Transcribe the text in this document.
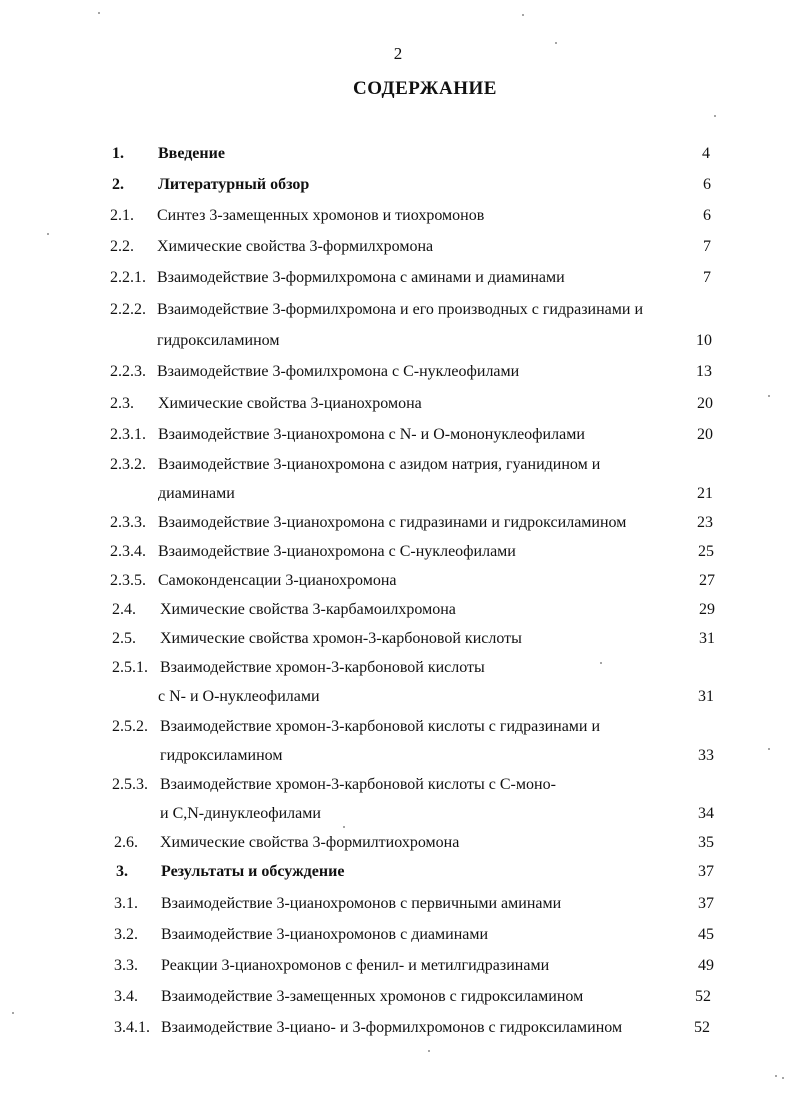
2
СОДЕРЖАНИЕ
1. Введение	4
2. Литературный обзор	6
2.1. Синтез 3-замещенных хромонов и тиохромонов	6
2.2. Химические свойства 3-формилхромона	7
2.2.1. Взаимодействие 3-формилхромона с аминами и диаминами	7
2.2.2. Взаимодействие 3-формилхромона и его производных с гидразинами и
гидроксиламином	10
2.2.3. Взаимодействие 3-фомилхромона с С-нуклеофилами	13
2.3. Химические свойства 3-цианохромона	20
2.3.1. Взаимодействие 3-цианохромона с N- и О-мононуклеофилами	20
2.3.2. Взаимодействие 3-цианохромона с азидом натрия, гуанидином и
диаминами	21
2.3.3. Взаимодействие 3-цианохромона с гидразинами и гидроксиламином	23
2.3.4. Взаимодействие 3-цианохромона с С-нуклеофилами	25
2.3.5. Самоконденсации 3-цианохромона	27
2.4. Химические свойства 3-карбамоилхромона	29
2.5. Химические свойства хромон-3-карбоновой кислоты	31
2.5.1. Взаимодействие хромон-3-карбоновой кислоты
с N- и О-нуклеофилами	31
2.5.2. Взаимодействие хромон-3-карбоновой кислоты с гидразинами и
гидроксиламином	33
2.5.3. Взаимодействие хромон-3-карбоновой кислоты с С-моно-
и С,N-динуклеофилами	34
2.6. Химические свойства 3-формилтиохромона	35
3. Результаты и обсуждение	37
3.1. Взаимодействие 3-цианохромонов с первичными аминами	37
3.2. Взаимодействие 3-цианохромонов с диаминами	45
3.3. Реакции 3-цианохромонов с фенил- и метилгидразинами	49
3.4. Взаимодействие 3-замещенных хромонов с гидроксиламином	52
3.4.1. Взаимодействие 3-циано- и 3-формилхромонов с гидроксиламином	52
